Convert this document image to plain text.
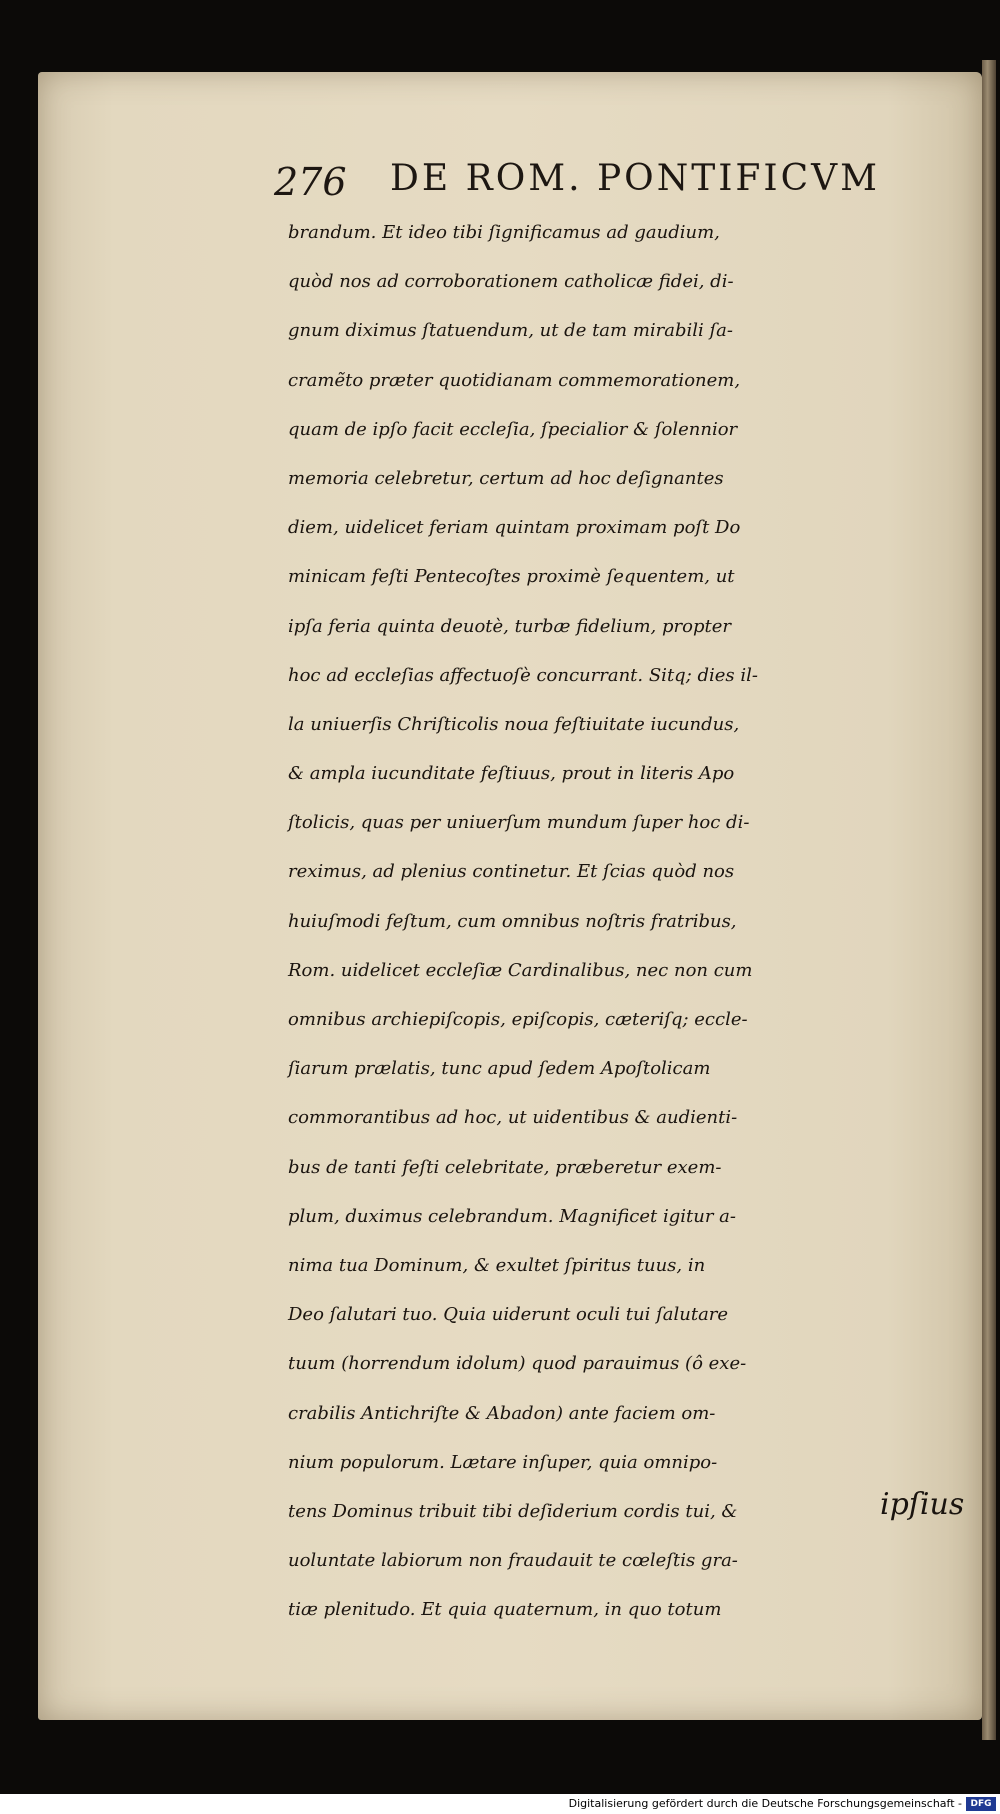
276 DE ROM. PONTIFICVM
brandum. Et ideo tibi ſignificamus ad gaudium,
quòd nos ad corroborationem catholicæ fidei, di-
gnum diximus ſtatuendum, ut de tam mirabili ſa-
cramẽto præter quotidianam commemorationem,
quam de ipſo facit eccleſia, ſpecialior & ſolennior
memoria celebretur, certum ad hoc deſignantes
diem, uidelicet feriam quintam proximam poſt Do
minicam feſti Pentecoſtes proximè ſequentem, ut
ipſa feria quinta deuotè, turbæ fidelium, propter
hoc ad eccleſias affectuoſè concurrant. Sitq; dies il-
la uniuerſis Chriſticolis noua feſtiuitate iucundus,
& ampla iucunditate feſtiuus, prout in literis Apo
ſtolicis, quas per uniuerſum mundum ſuper hoc di-
reximus, ad plenius continetur. Et ſcias quòd nos
huiuſmodi feſtum, cum omnibus noſtris fratribus,
Rom. uidelicet eccleſiæ Cardinalibus, nec non cum
omnibus archiepiſcopis, epiſcopis, cæteriſq; eccle-
ſiarum prælatis, tunc apud ſedem Apoſtolicam
commorantibus ad hoc, ut uidentibus & audienti-
bus de tanti feſti celebritate, præberetur exem-
plum, duximus celebrandum. Magnificet igitur a-
nima tua Dominum, & exultet ſpiritus tuus, in
Deo ſalutari tuo. Quia uiderunt oculi tui ſalutare
tuum (horrendum idolum) quod parauimus (ô exe-
crabilis Antichriſte & Abadon) ante faciem om-
nium populorum. Lætare inſuper, quia omnipo-
tens Dominus tribuit tibi deſiderium cordis tui, &
uoluntate labiorum non fraudauit te cœleſtis gra-
tiæ plenitudo. Et quia quaternum, in quo totum
ipſius
Digitalisierung gefördert durch die Deutsche Forschungsgemeinschaft - DFG
